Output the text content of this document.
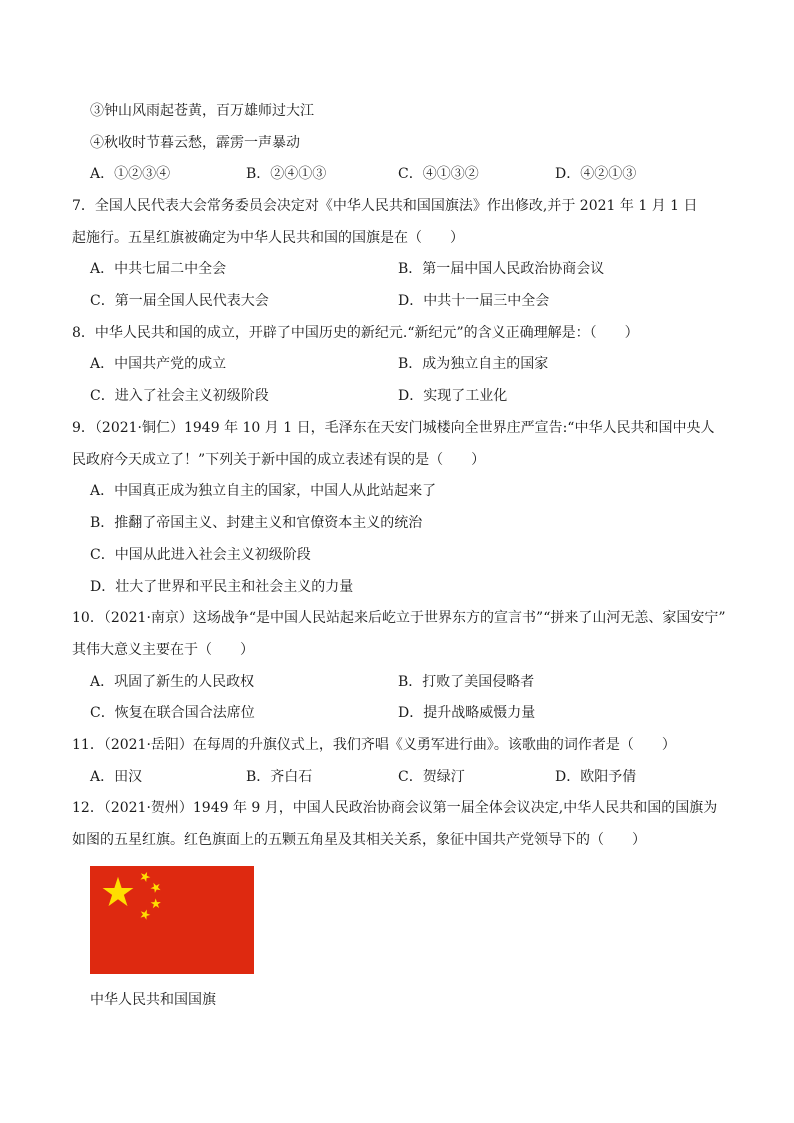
③钟山风雨起苍黄，百万雄师过大江
④秋收时节暮云愁，霹雳一声暴动
A．①②③④	B．②④①③	C．④①③②	D．④②①③
7．全国人民代表大会常务委员会决定对《中华人民共和国国旗法》作出修改,并于 2021 年 1 月 1 日
起施行。五星红旗被确定为中华人民共和国的国旗是在（　　）
A．中共七届二中全会	B．第一届中国人民政治协商会议
C．第一届全国人民代表大会	D．中共十一届三中全会
8．中华人民共和国的成立，开辟了中国历史的新纪元.“新纪元”的含义正确理解是：（　　）
A．中国共产党的成立	B．成为独立自主的国家
C．进入了社会主义初级阶段	D．实现了工业化
9．（2021·铜仁）1949 年 10 月 1 日，毛泽东在天安门城楼向全世界庄严宣告:“中华人民共和国中央人
民政府今天成立了！”下列关于新中国的成立表述有误的是（　　）
A．中国真正成为独立自主的国家，中国人从此站起来了
B．推翻了帝国主义、封建主义和官僚资本主义的统治
C．中国从此进入社会主义初级阶段
D．壮大了世界和平民主和社会主义的力量
10．（2021·南京）这场战争“是中国人民站起来后屹立于世界东方的宣言书”“拼来了山河无恙、家国安宁”
其伟大意义主要在于（　　）
A．巩固了新生的人民政权	B．打败了美国侵略者
C．恢复在联合国合法席位	D．提升战略威慑力量
11．（2021·岳阳）在每周的升旗仪式上，我们齐唱《义勇军进行曲》。该歌曲的词作者是（　　）
A．田汉	B．齐白石	C．贺绿汀	D．欧阳予倩
12．（2021·贺州）1949 年 9 月，中国人民政治协商会议第一届全体会议决定,中华人民共和国的国旗为
如图的五星红旗。红色旗面上的五颗五角星及其相关关系，象征中国共产党领导下的（　　）
中华人民共和国国旗
